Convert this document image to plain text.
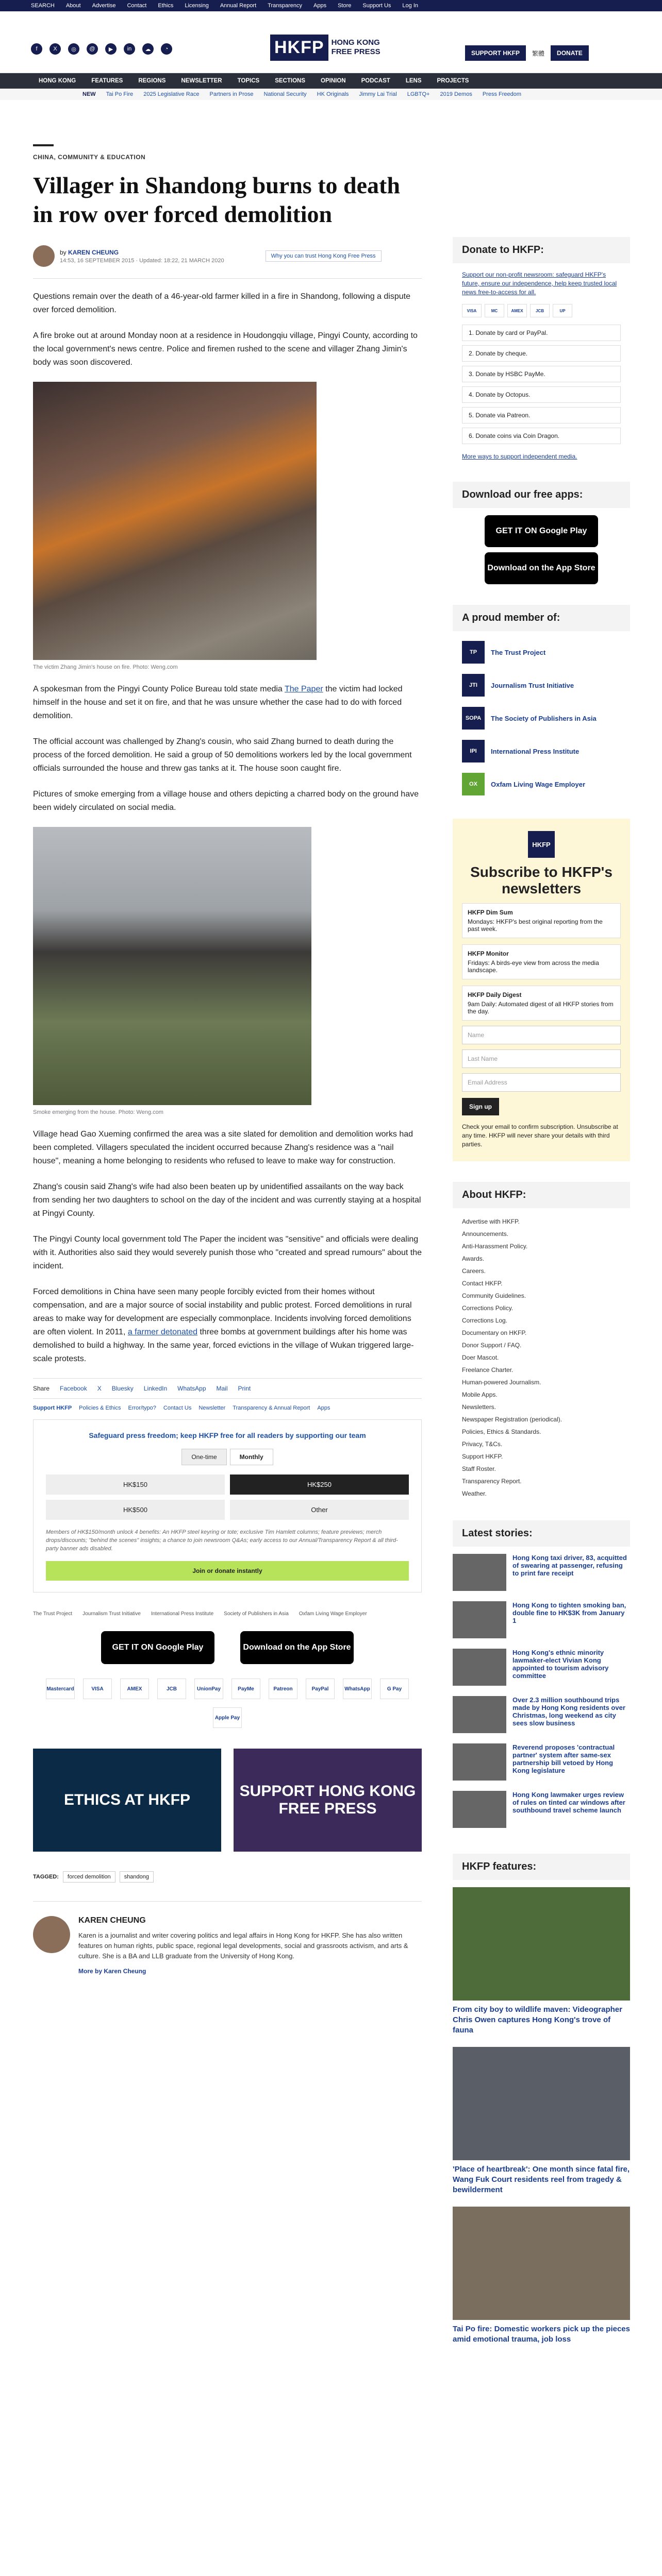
SEARCH About Advertise Contact Ethics Licensing Annual Report Transparency Apps Store Support Us Log In
f	X	◎	@	▶	in	☁	◔	HKFP HONG KONG FREE PRESS	SUPPORT HKFP	繁體	DONATE
HONG KONG	FEATURES	REGIONS	NEWSLETTER	TOPICS	SECTIONS	OPINION	PODCAST	LENS	PROJECTS
NEW Tai Po Fire 2025 Legislative Race Partners in Prose National Security HK Originals Jimmy Lai Trial LGBTQ+ 2019 Demos Press Freedom
CHINA, COMMUNITY & EDUCATION
Villager in Shandong burns to death in row over forced demolition
by KAREN CHEUNG
14:53, 16 SEPTEMBER 2015 · Updated: 18:22, 21 MARCH 2020
Why you can trust Hong Kong Free Press

Questions remain over the death of a 46-year-old farmer killed in a fire in Shandong, following a dispute over forced demolition.

A fire broke out at around Monday noon at a residence in Houdongqiu village, Pingyi County, according to the local government's news centre. Police and firemen rushed to the scene and villager Zhang Jimin's body was soon discovered.

The victim Zhang Jimin's house on fire. Photo: Weng.com

A spokesman from the Pingyi County Police Bureau told state media The Paper the victim had locked himself in the house and set it on fire, and that he was unsure whether the case had to do with forced demolition.

The official account was challenged by Zhang's cousin, who said Zhang burned to death during the process of the forced demolition. He said a group of 50 demolitions workers led by the local government officials surrounded the house and threw gas tanks at it. The house soon caught fire.

Pictures of smoke emerging from a village house and others depicting a charred body on the ground have been widely circulated on social media.

Smoke emerging from the house. Photo: Weng.com

Village head Gao Xueming confirmed the area was a site slated for demolition and demolition works had been completed. Villagers speculated the incident occurred because Zhang's residence was a "nail house", meaning a home belonging to residents who refused to leave to make way for construction.

Zhang's cousin said Zhang's wife had also been beaten up by unidentified assailants on the way back from sending her two daughters to school on the day of the incident and was currently staying at a hospital at Pingyi County.

The Pingyi County local government told The Paper the incident was "sensitive" and officials were dealing with it. Authorities also said they would severely punish those who "created and spread rumours" about the incident.

Forced demolitions in China have seen many people forcibly evicted from their homes without compensation, and are a major source of social instability and public protest. Forced demolitions in rural areas to make way for development are especially commonplace. Incidents involving forced demolitions are often violent. In 2011, a farmer detonated three bombs at government buildings after his home was demolished to build a highway. In the same year, forced evictions in the village of Wukan triggered large-scale protests.

Share Facebook X Bluesky LinkedIn WhatsApp Mail Print
Support HKFP Policies & Ethics Error/typo? Contact Us Newsletter Transparency & Annual Report Apps
Safeguard press freedom; keep HKFP free for all readers by supporting our team
One-time	Monthly
HK$150	HK$250
HK$500	Other
Members of HK$150/month unlock 4 benefits: An HKFP steel keyring or tote; exclusive Tim Hamlett columns; feature previews; merch drops/discounts; "behind the scenes" insights; a chance to join newsroom Q&As; early access to our Annual/Transparency Report & all third-party banner ads disabled.
Join or donate instantly
The Trust Project Journalism Trust Initiative International Press Institute Society of Publishers in Asia Oxfam Living Wage Employer
GET IT ON Google Play	Download on the App Store
Mastercard	VISA	AMEX	JCB	UnionPay	PayMe	Patreon	PayPal	WhatsApp	G Pay
Apple Pay
ETHICS AT HKFP
SUPPORT HONG KONG FREE PRESS
TAGGED:	forced demolition	shandong
KAREN CHEUNG
Karen is a journalist and writer covering politics and legal affairs in Hong Kong for HKFP. She has also written features on human rights, public space, regional legal developments, social and grassroots activism, and arts & culture. She is a BA and LLB graduate from the University of Hong Kong.
More by Karen Cheung
Donate to HKFP:
Support our non-profit newsroom: safeguard HKFP's future, ensure our independence, help keep trusted local news free-to-access for all.
VISA	MC	AMEX	JCB	UP
1. Donate by card or PayPal.
2. Donate by cheque.
3. Donate by HSBC PayMe.
4. Donate by Octopus.
5. Donate via Patreon.
6. Donate coins via Coin Dragon.
More ways to support independent media.
Download our free apps:
GET IT ON Google Play
Download on the App Store
A proud member of:
TP	The Trust Project
JTI	Journalism Trust Initiative
SOPA	The Society of Publishers in Asia
IPI	International Press Institute
OX	Oxfam Living Wage Employer
HKFP
Subscribe to HKFP's newsletters
HKFP Dim Sum
Mondays: HKFP's best original reporting from the past week.
HKFP Monitor
Fridays: A birds-eye view from across the media landscape.
HKFP Daily Digest
9am Daily: Automated digest of all HKFP stories from the day.
Name
Last Name
Email Address
Sign up
Check your email to confirm subscription. Unsubscribe at any time. HKFP will never share your details with third parties.
About HKFP:
Advertise with HKFP.
Announcements.
Anti-Harassment Policy.
Awards.
Careers.
Contact HKFP.
Community Guidelines.
Corrections Policy.
Corrections Log.
Documentary on HKFP.
Donor Support / FAQ.
Doer Mascot.
Freelance Charter.
Human-powered Journalism.
Mobile Apps.
Newsletters.
Newspaper Registration (periodical).
Policies, Ethics & Standards.
Privacy, T&Cs.
Support HKFP.
Staff Roster.
Transparency Report.
Weather.
Latest stories:
Hong Kong taxi driver, 83, acquitted of swearing at passenger, refusing to print fare receipt
Hong Kong to tighten smoking ban, double fine to HK$3K from January 1
Hong Kong's ethnic minority lawmaker-elect Vivian Kong appointed to tourism advisory committee
Over 2.3 million southbound trips made by Hong Kong residents over Christmas, long weekend as city sees slow business
Reverend proposes 'contractual partner' system after same-sex partnership bill vetoed by Hong Kong legislature
Hong Kong lawmaker urges review of rules on tinted car windows after southbound travel scheme launch
HKFP features:
From city boy to wildlife maven: Videographer Chris Owen captures Hong Kong's trove of fauna
'Place of heartbreak': One month since fatal fire, Wang Fuk Court residents reel from tragedy & bewilderment
Tai Po fire: Domestic workers pick up the pieces amid emotional trauma, job loss
